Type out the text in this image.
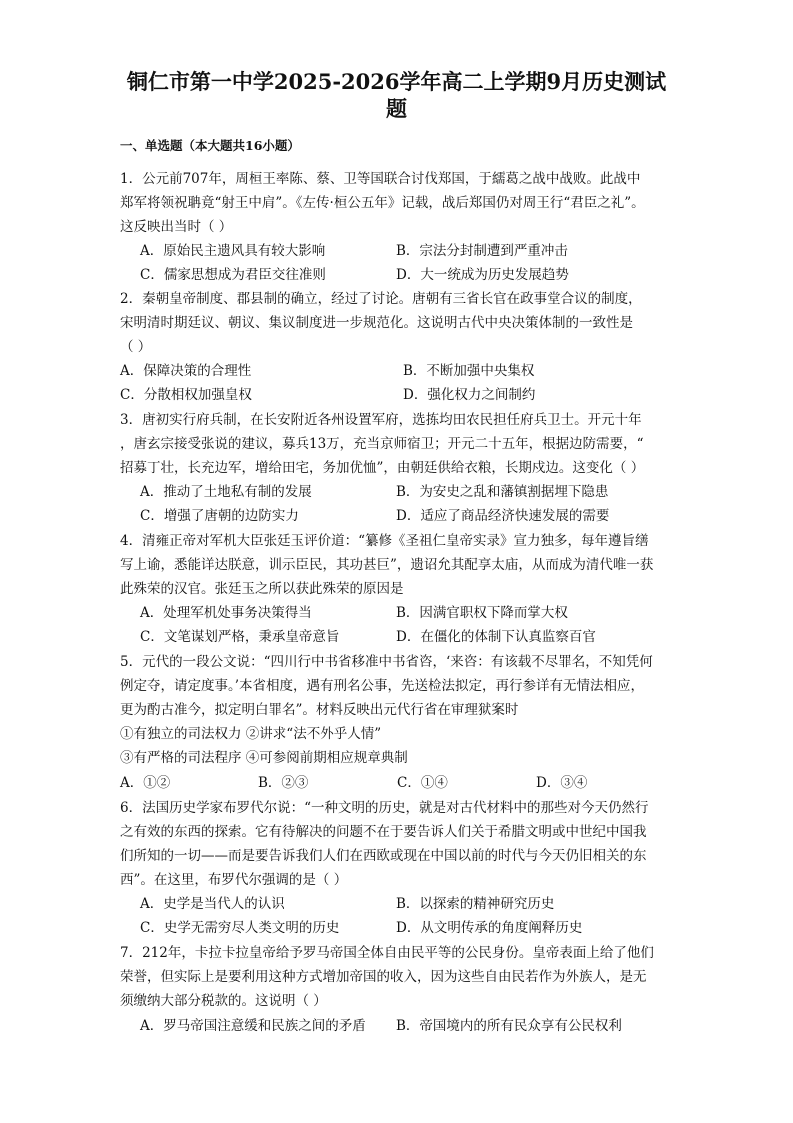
铜仁市第一中学2025-2026学年高二上学期9月历史测试
题
一、单选题（本大题共16小题）
1．公元前707年，周桓王率陈、蔡、卫等国联合讨伐郑国，于繻葛之战中战败。此战中
郑军将领祝聃竟“射王中肩”。《左传·桓公五年》记载，战后郑国仍对周王行“君臣之礼”。
这反映出当时（ ）
A．原始民主遗风具有较大影响	B．宗法分封制遭到严重冲击
C．儒家思想成为君臣交往准则	D．大一统成为历史发展趋势
2．秦朝皇帝制度、郡县制的确立，经过了讨论。唐朝有三省长官在政事堂合议的制度，
宋明清时期廷议、朝议、集议制度进一步规范化。这说明古代中央决策体制的一致性是
（ ）
A．保障决策的合理性	B．不断加强中央集权
C．分散相权加强皇权	D．强化权力之间制约
3．唐初实行府兵制，在长安附近各州设置军府，选拣均田农民担任府兵卫士。开元十年
，唐玄宗接受张说的建议，募兵13万，充当京师宿卫；开元二十五年，根据边防需要，“
招募丁壮，长充边军，增给田宅，务加优恤”，由朝廷供给衣粮，长期戍边。这变化（ ）
A．推动了土地私有制的发展	B．为安史之乱和藩镇割据埋下隐患
C．增强了唐朝的边防实力	D．适应了商品经济快速发展的需要
4．清雍正帝对军机大臣张廷玉评价道：“纂修《圣祖仁皇帝实录》宣力独多，每年遵旨缮
写上谕，悉能详达朕意，训示臣民，其功甚巨”，遗诏允其配享太庙，从而成为清代唯一获
此殊荣的汉官。张廷玉之所以获此殊荣的原因是
A．处理军机处事务决策得当	B．因满官职权下降而掌大权
C．文笔谋划严格，秉承皇帝意旨	D．在僵化的体制下认真监察百官
5．元代的一段公文说：“四川行中书省移准中书省咨，‘来咨：有该载不尽罪名，不知凭何
例定夺，请定度事。’本省相度，遇有刑名公事，先送检法拟定，再行参详有无情法相应，
更为酌古准今，拟定明白罪名”。材料反映出元代行省在审理狱案时
①有独立的司法权力 ②讲求“法不外乎人情”
③有严格的司法程序 ④可参阅前期相应规章典制
A．①②	B．②③	C．①④	D．③④
6．法国历史学家布罗代尔说：“一种文明的历史，就是对古代材料中的那些对今天仍然行
之有效的东西的探索。它有待解决的问题不在于要告诉人们关于希腊文明或中世纪中国我
们所知的一切——而是要告诉我们人们在西欧或现在中国以前的时代与今天仍旧相关的东
西”。在这里，布罗代尔强调的是（ ）
A．史学是当代人的认识	B．以探索的精神研究历史
C．史学无需穷尽人类文明的历史	D．从文明传承的角度阐释历史
7．212年，卡拉卡拉皇帝给予罗马帝国全体自由民平等的公民身份。皇帝表面上给了他们
荣誉，但实际上是要利用这种方式增加帝国的收入，因为这些自由民若作为外族人，是无
须缴纳大部分税款的。这说明（ ）
A．罗马帝国注意缓和民族之间的矛盾 B．帝国境内的所有民众享有公民权利
